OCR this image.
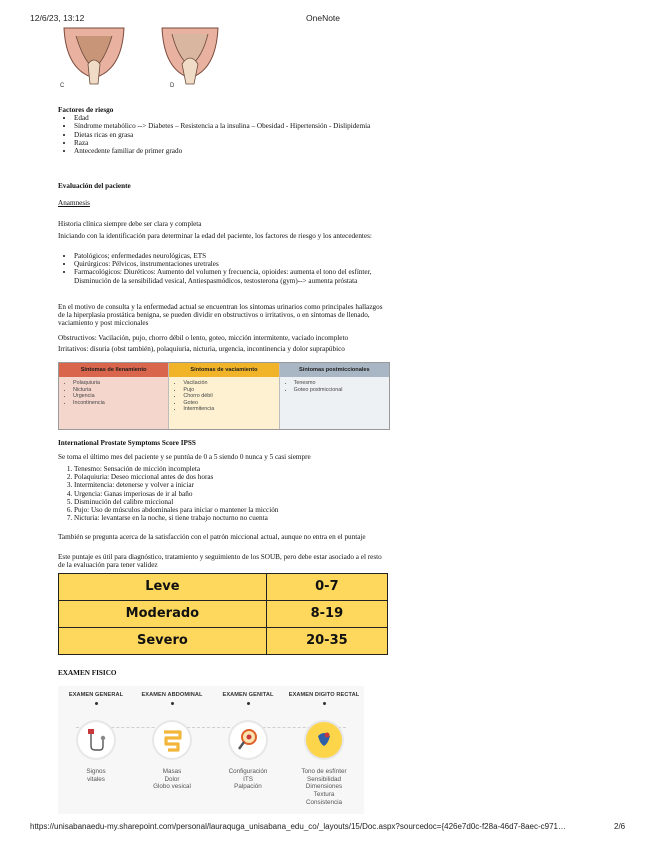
12/6/23, 13:12	OneNote
C	D
Factores de riesgo
• Edad
• Síndrome metabólico --> Diabetes – Resistencia a la insulina – Obesidad - Hipertensión - Dislipidemia
• Dietas ricas en grasa
• Raza
• Antecedente familiar de primer grado
Evaluación del paciente
Anamnesis
Historia clínica siempre debe ser clara y completa
Iniciando con la identificación para determinar la edad del paciente, los factores de riesgo y los antecedentes:
• Patológicos; enfermedades neurológicas, ETS
• Quirúrgicos: Pélvicos, instrumentaciones uretrales
• Farmacológicos: Diuréticos: Aumento del volumen y frecuencia, opioides: aumenta el tono del esfínter, Disminución de la sensibilidad vesical, Antiespasmódicos, testosterona (gym)--> aumenta próstata
En el motivo de consulta y la enfermedad actual se encuentran los síntomas urinarios como principales hallazgos de la hiperplasia prostática benigna, se pueden dividir en obstructivos o irritativos, o en síntomas de llenado, vaciamiento y post miccionales
Obstructivos: Vacilación, pujo, chorro débil o lento, goteo, micción intermitente, vaciado incompleto
Irritativos: disuria (obst también), polaquiuria, nicturia, urgencia, incontinencia y dolor suprapúbico
Síntomas de llenamiento
• Polaquiuria
• Nicturia
• Urgencia
• Incontinencia
Síntomas de vaciamiento
• Vacilación
• Pujo
• Chorro débil
• Goteo
• Intermitencia
Síntomas postmiccionales
• Tenesmo
• Goteo postmiccional
International Prostate Symptoms Score IPSS
Se toma el último mes del paciente y se puntúa de 0 a 5 siendo 0 nunca y 5 casi siempre
1. Tenesmo: Sensación de micción incompleta
2. Polaquiuria: Deseo miccional antes de dos horas
3. Intermitencia: detenerse y volver a iniciar
4. Urgencia: Ganas imperiosas de ir al baño
5. Disminución del calibre miccional
6. Pujo: Uso de músculos abdominales para iniciar o mantener la micción
7. Nicturia: levantarse en la noche, si tiene trabajo nocturno no cuenta
También se pregunta acerca de la satisfacción con el patrón miccional actual, aunque no entra en el puntaje
Este puntaje es útil para diagnóstico, tratamiento y seguimiento de los SOUB, pero debe estar asociado a el resto de la evaluación para tener validez
Leve	0-7
Moderado	8-19
Severo	20-35
EXAMEN FISICO
EXAMEN GENERAL
Signos
vitales
EXAMEN ABDOMINAL
Masas
Dolor
Globo vesical
EXAMEN GENITAL
Configuración
ITS
Palpación
EXAMEN DIGITO RECTAL
Tono de esfínter
Sensibilidad
Dimensiones
Textura
Consistencia
https://unisabanaedu-my.sharepoint.com/personal/lauraquga_unisabana_edu_co/_layouts/15/Doc.aspx?sourcedoc={426e7d0c-f28a-46d7-8aec-c971…	2/6
